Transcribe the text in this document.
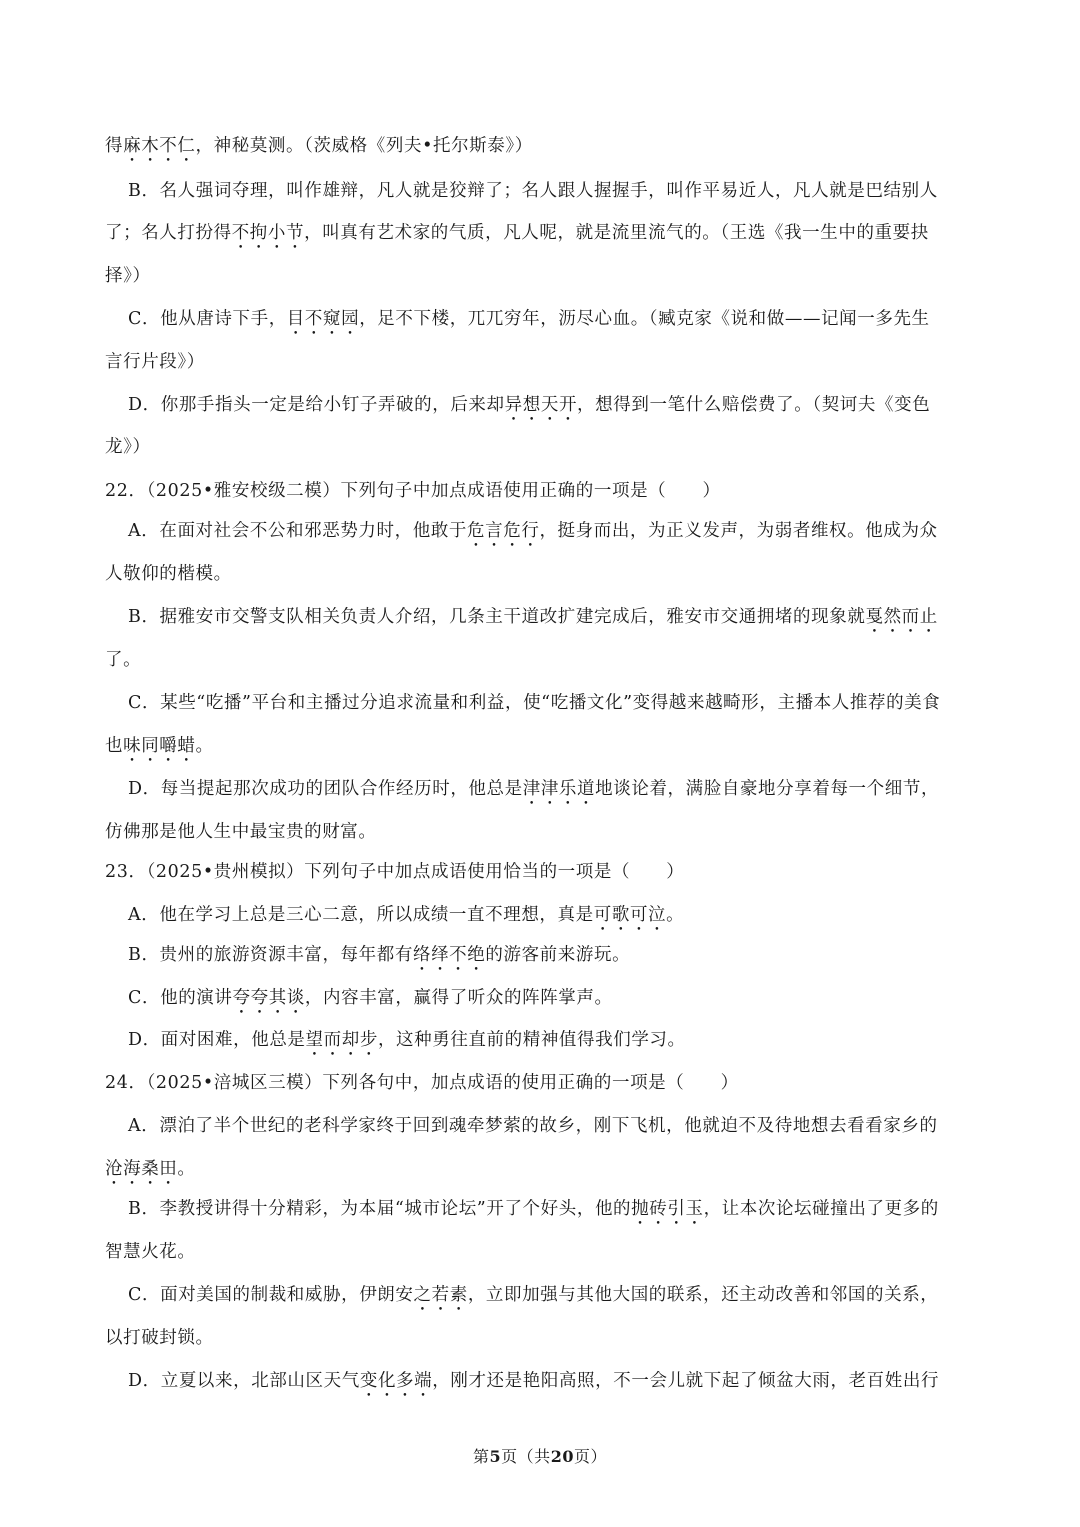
得麻木不仁，神秘莫测。（茨威格《列夫•托尔斯泰》）
B．名人强词夺理，叫作雄辩，凡人就是狡辩了；名人跟人握握手，叫作平易近人，凡人就是巴结别人
了；名人打扮得不拘小节，叫真有艺术家的气质，凡人呢，就是流里流气的。（王选《我一生中的重要抉
择》）
C．他从唐诗下手，目不窥园，足不下楼，兀兀穷年，沥尽心血。（臧克家《说和做——记闻一多先生
言行片段》）
D．你那手指头一定是给小钉子弄破的，后来却异想天开，想得到一笔什么赔偿费了。（契诃夫《变色
龙》）
22．（2025•雅安校级二模）下列句子中加点成语使用正确的一项是（　　）
A．在面对社会不公和邪恶势力时，他敢于危言危行，挺身而出，为正义发声，为弱者维权。他成为众
人敬仰的楷模。
B．据雅安市交警支队相关负责人介绍，几条主干道改扩建完成后，雅安市交通拥堵的现象就戛然而止
了。
C．某些“吃播”平台和主播过分追求流量和利益，使“吃播文化”变得越来越畸形，主播本人推荐的美食
也味同嚼蜡。
D．每当提起那次成功的团队合作经历时，他总是津津乐道地谈论着，满脸自豪地分享着每一个细节，
仿佛那是他人生中最宝贵的财富。
23．（2025•贵州模拟）下列句子中加点成语使用恰当的一项是（　　）
A．他在学习上总是三心二意，所以成绩一直不理想，真是可歌可泣。
B．贵州的旅游资源丰富，每年都有络绎不绝的游客前来游玩。
C．他的演讲夸夸其谈，内容丰富，赢得了听众的阵阵掌声。
D．面对困难，他总是望而却步，这种勇往直前的精神值得我们学习。
24．（2025•涪城区三模）下列各句中，加点成语的使用正确的一项是（　　）
A．漂泊了半个世纪的老科学家终于回到魂牵梦萦的故乡，刚下飞机，他就迫不及待地想去看看家乡的
沧海桑田。
B．李教授讲得十分精彩，为本届“城市论坛”开了个好头，他的抛砖引玉，让本次论坛碰撞出了更多的
智慧火花。
C．面对美国的制裁和威胁，伊朗安之若素，立即加强与其他大国的联系，还主动改善和邻国的关系，
以打破封锁。
D．立夏以来，北部山区天气变化多端，刚才还是艳阳高照，不一会儿就下起了倾盆大雨，老百姓出行
第5页（共20页）
